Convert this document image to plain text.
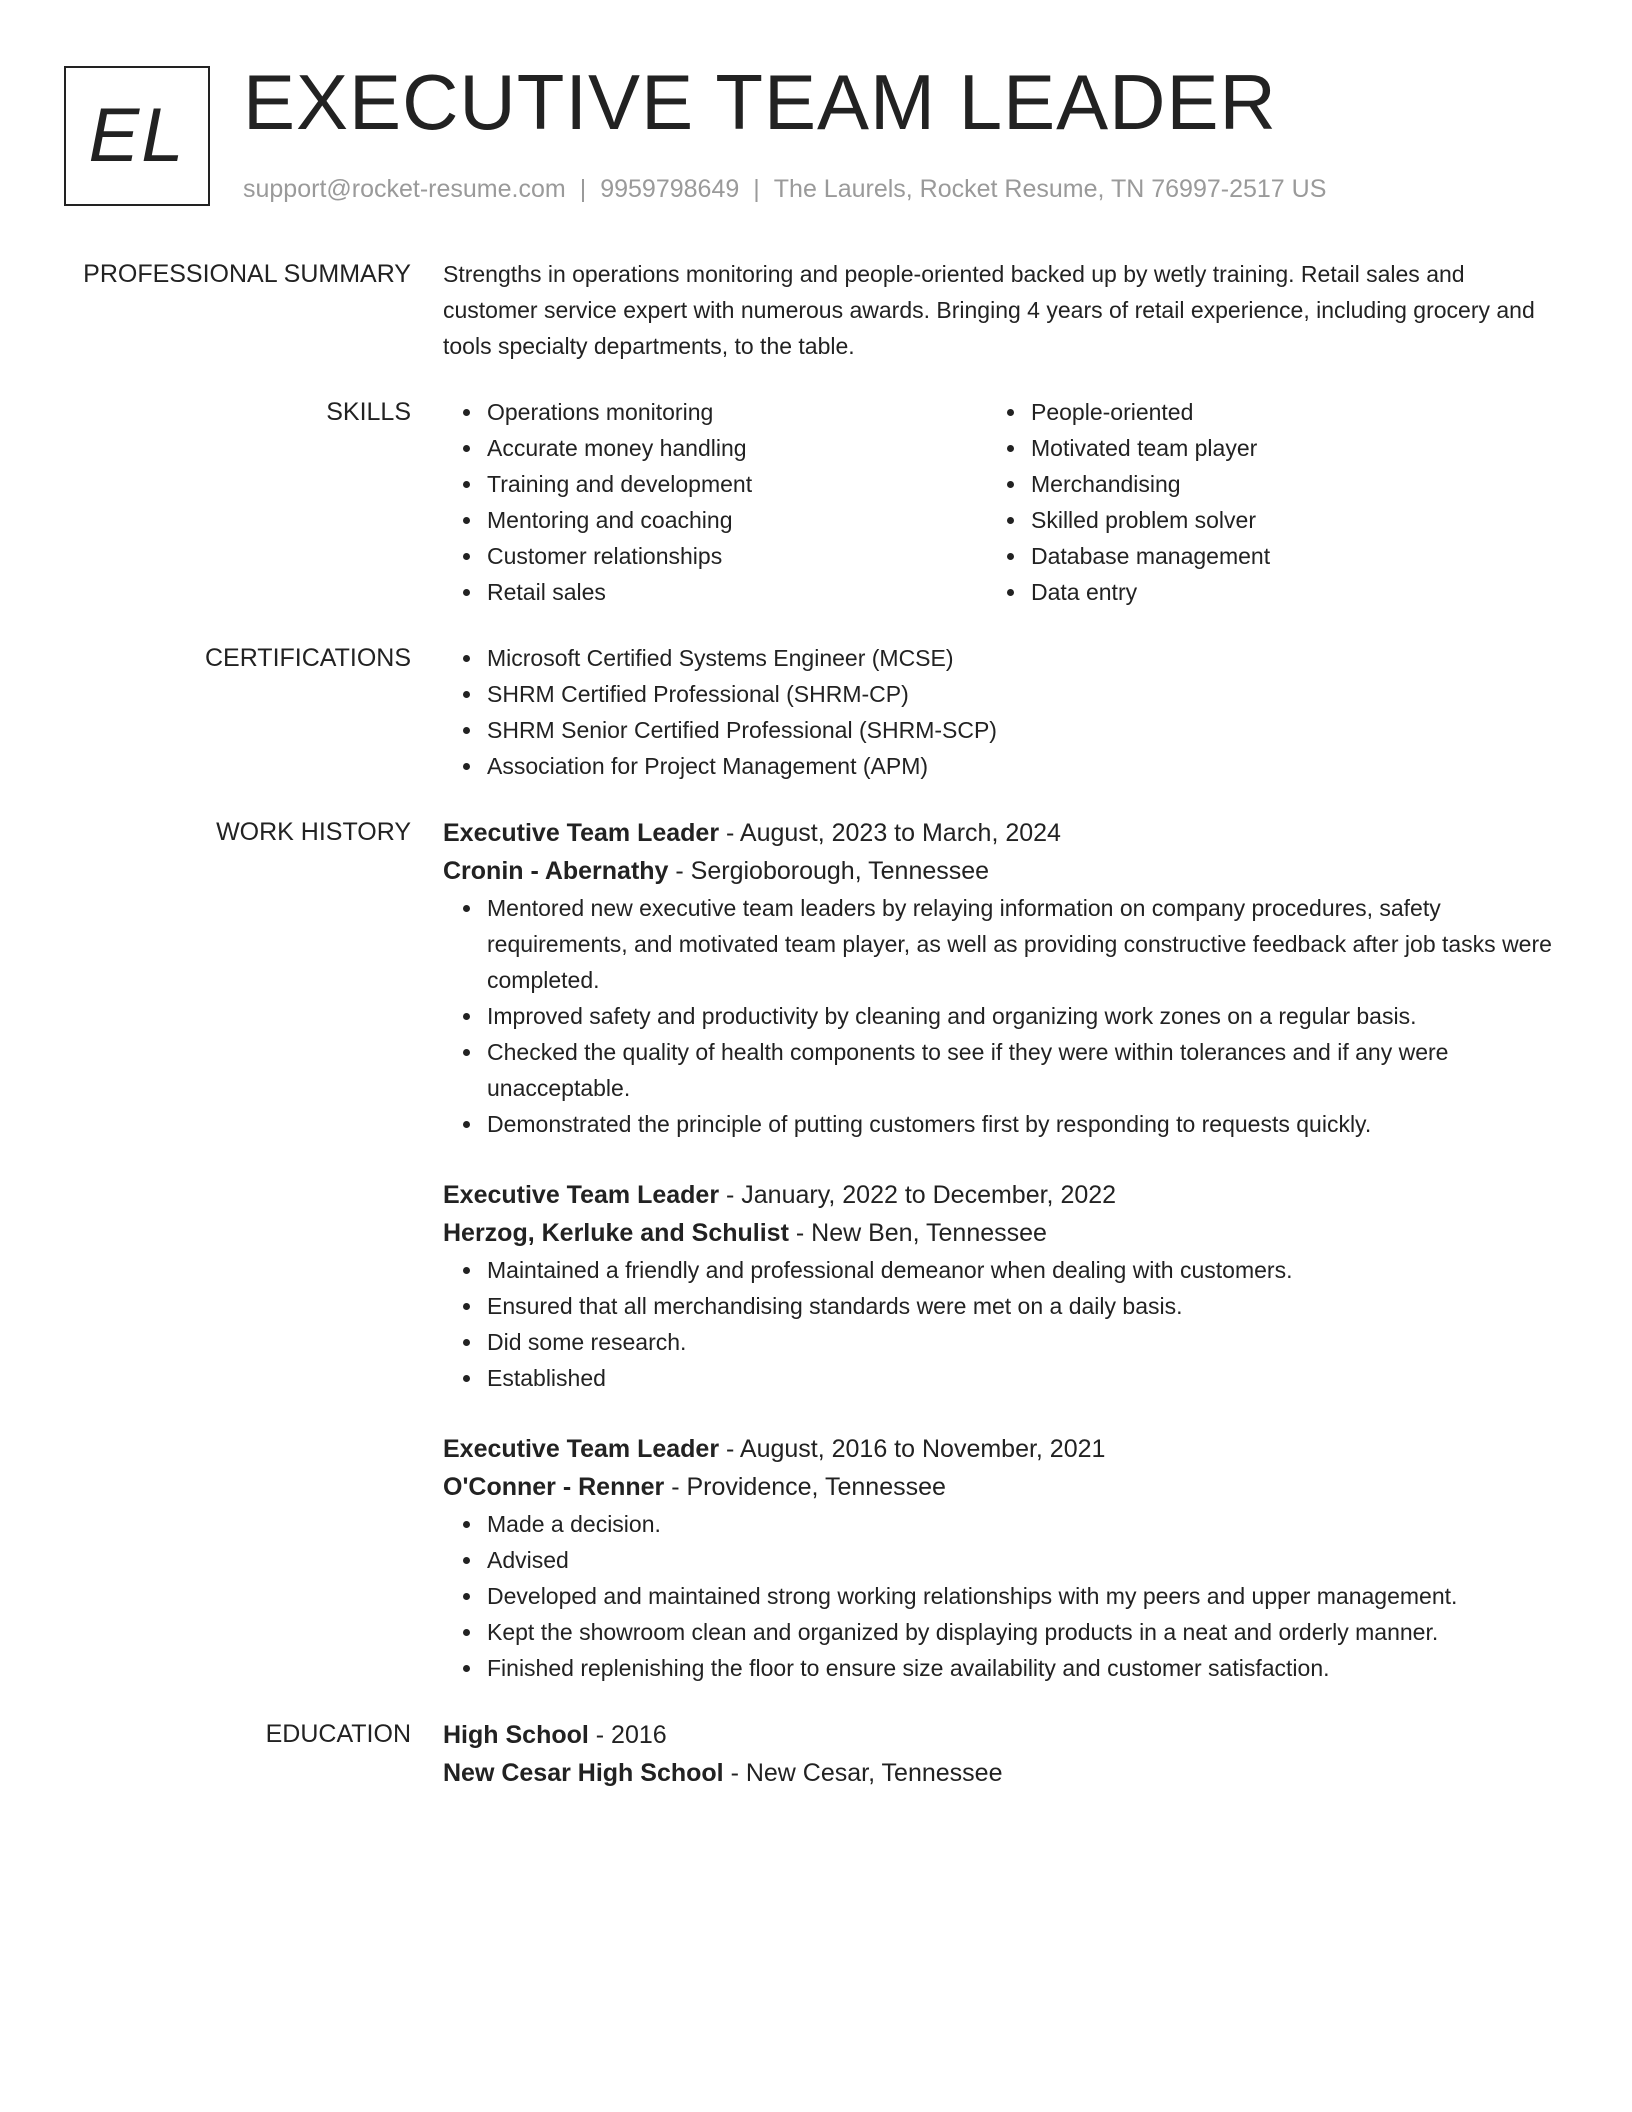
EL EXECUTIVE TEAM LEADER
support@rocket-resume.com | 9959798649 | The Laurels, Rocket Resume, TN 76997-2517 US
PROFESSIONAL SUMMARY Strengths in operations monitoring and people-oriented backed up by wetly training. Retail sales and customer service expert with numerous awards. Bringing 4 years of retail experience, including grocery and tools specialty departments, to the table.

SKILLS	Operations monitoring
Accurate money handling
Training and development
Mentoring and coaching
Customer relationships
Retail sales
People-oriented
Motivated team player
Merchandising
Skilled problem solver
Database management
Data entry
CERTIFICATIONS	Microsoft Certified Systems Engineer (MCSE)
SHRM Certified Professional (SHRM-CP)
SHRM Senior Certified Professional (SHRM-SCP)
Association for Project Management (APM)
WORK HISTORY Executive Team Leader - August, 2023 to March, 2024
Cronin - Abernathy - Sergioborough, Tennessee
Mentored new executive team leaders by relaying information on company procedures, safety requirements, and motivated team player, as well as providing constructive feedback after job tasks were completed.
Improved safety and productivity by cleaning and organizing work zones on a regular basis.
Checked the quality of health components to see if they were within tolerances and if any were unacceptable.
Demonstrated the principle of putting customers first by responding to requests quickly.
Executive Team Leader - January, 2022 to December, 2022
Herzog, Kerluke and Schulist - New Ben, Tennessee
Maintained a friendly and professional demeanor when dealing with customers.
Ensured that all merchandising standards were met on a daily basis.
Did some research.
Established
Executive Team Leader - August, 2016 to November, 2021
O'Conner - Renner - Providence, Tennessee
Made a decision.
Advised
Developed and maintained strong working relationships with my peers and upper management.
Kept the showroom clean and organized by displaying products in a neat and orderly manner.
Finished replenishing the floor to ensure size availability and customer satisfaction.
EDUCATION High School - 2016
New Cesar High School - New Cesar, Tennessee
